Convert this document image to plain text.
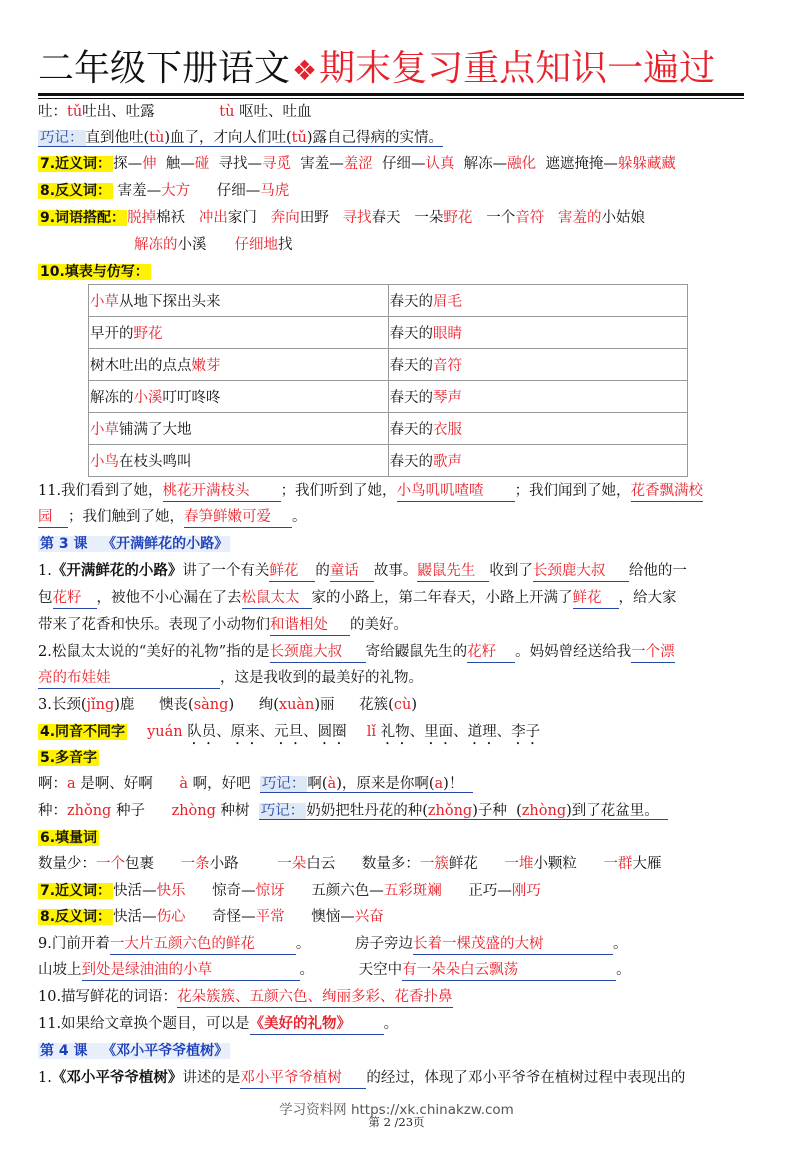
二年级下册语文❖期末复习重点知识一遍过
吐：tǔ吐出、吐露	tù 呕吐、吐血
巧记： 直到他吐(tù)血了，才向人们吐(tǔ)露自己得病的实情。
7.近义词： 探—伸 触—碰 寻找—寻觅 害羞—羞涩 仔细—认真 解冻—融化 遮遮掩掩—躲躲藏藏
8.反义词： 害羞—大方 仔细—马虎
9.词语搭配： 脱掉棉袄 冲出家门 奔向田野 寻找春天 一朵野花 一个音符 害羞的小姑娘
解冻的小溪 仔细地找
10.填表与仿写：
小草从地下探出头来	春天的眉毛
早开的野花	春天的眼睛
树木吐出的点点嫩芽	春天的音符
解冻的小溪叮叮咚咚	春天的琴声
小草铺满了大地	春天的衣服
小鸟在枝头鸣叫	春天的歌声
11.我们看到了她，桃花开满枝头 ；我们听到了她，小鸟叽叽喳喳 ；我们闻到了她，花香飘满校
园 ；我们触到了她，春笋鲜嫩可爱 。
第 3 课 《开满鲜花的小路》
1.《开满鲜花的小路》讲了一个有关鲜花 的童话 故事。鼹鼠先生 收到了长颈鹿大叔 给他的一
包花籽 ，被他不小心漏在了去松鼠太太 家的小路上，第二年春天，小路上开满了鲜花 ，给大家
带来了花香和快乐。表现了小动物们和谐相处 的美好。
2.松鼠太太说的“美好的礼物”指的是长颈鹿大叔 寄给鼹鼠先生的花籽 。妈妈曾经送给我一个漂
亮的布娃娃	，这是我收到的最美好的礼物。
3.长颈(jǐng)鹿 懊丧(sàng) 绚(xuàn)丽 花簇(cù)
4.同音不同字 yuán 队员、原来、元旦、圆圈 lǐ 礼物、里面、道理、李子
5.多音字
啊：a 是啊、好啊 à 啊，好吧 巧记： 啊(à)，原来是你啊(a)！
种：zhǒng 种子 zhòng 种树 巧记： 奶奶把牡丹花的种(zhǒng)子种 (zhòng)到了花盆里。
6.填量词
数量少：一个包裹 一条小路	一朵白云 数量多：一簇鲜花 一堆小颗粒 一群大雁
7.近义词： 快活—快乐 惊奇—惊讶 五颜六色—五彩斑斓 正巧—刚巧
8.反义词： 快活—伤心 奇怪—平常 懊恼—兴奋
9.门前开着一大片五颜六色的鲜花	。	房子旁边长着一棵茂盛的大树	。
山坡上到处是绿油油的小草	。	天空中有一朵朵白云飘荡	。
10.描写鲜花的词语：花朵簇簇、五颜六色、绚丽多彩、花香扑鼻
11.如果给文章换个题目，可以是《美好的礼物》 。
第 4 课 《邓小平爷爷植树》
1.《邓小平爷爷植树》讲述的是邓小平爷爷植树 的经过，体现了邓小平爷爷在植树过程中表现出的
学习资料网 https://xk.chinakzw.com
第 2 /23页
